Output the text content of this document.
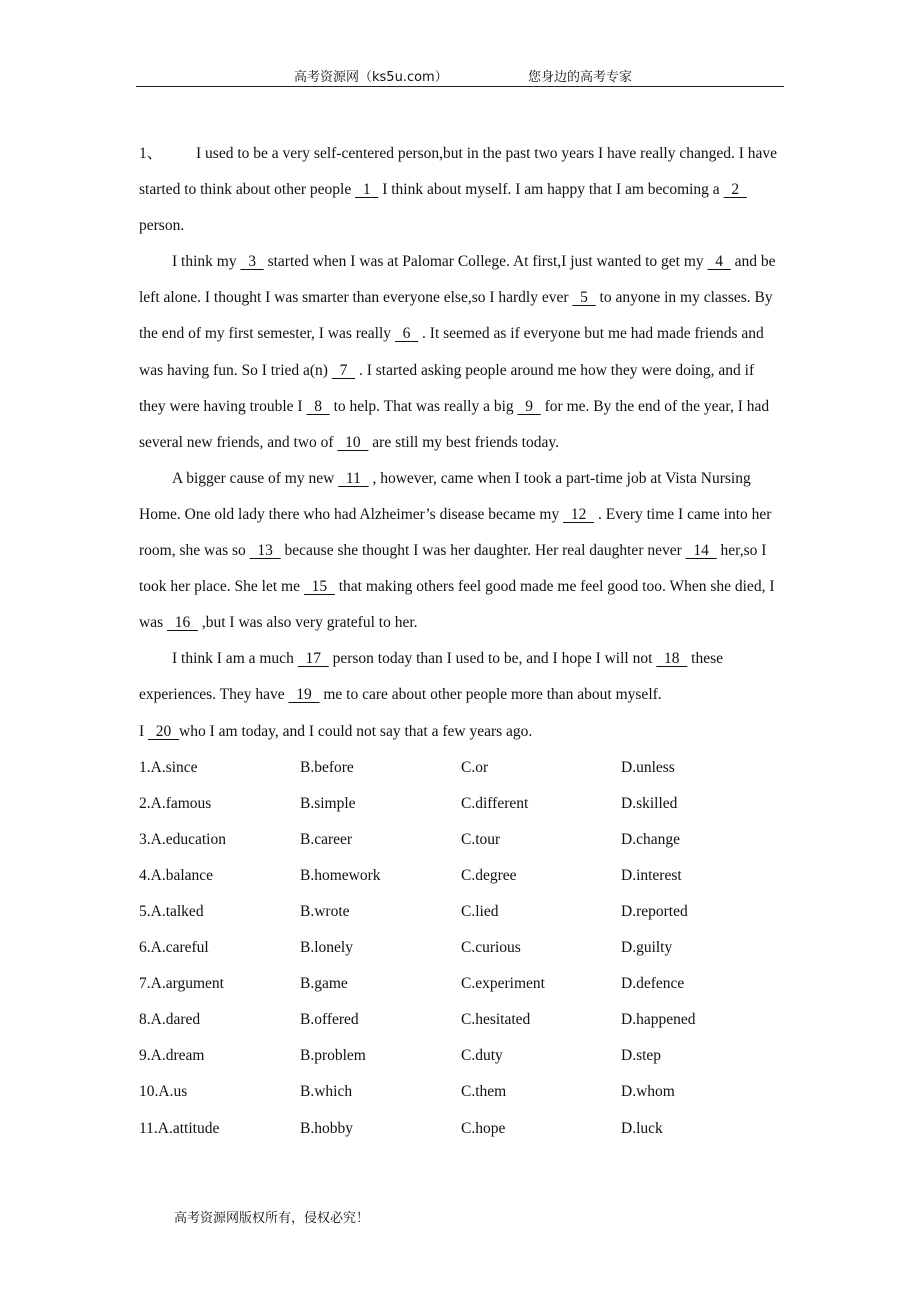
高考资源网（ks5u.com）	您身边的高考专家

1、 I used to be a very self-centered person,but in the past two years I have really changed. I have started to think about other people   1   I think about myself. I am happy that I am becoming a   2   person.

I think my   3   started when I was at Palomar College. At first,I just wanted to get my   4   and be left alone. I thought I was smarter than everyone else,so I hardly ever   5   to anyone in my classes. By the end of my first semester, I was really   6   . It seemed as if everyone but me had made friends and was having fun. So I tried a(n)   7   . I started asking people around me how they were doing, and if they were having trouble I   8   to help. That was really a big   9   for me. By the end of the year, I had several new friends, and two of   10   are still my best friends today.

A bigger cause of my new   11   , however, came when I took a part-time job at Vista Nursing Home. One old lady there who had Alzheimer’s disease became my   12   . Every time I came into her room, she was so   13   because she thought I was her daughter. Her real daughter never   14   her,so I took her place. She let me   15   that making others feel good made me feel good too. When she died, I was   16   ,but I was also very grateful to her.

I think I am a much   17   person today than I used to be, and I hope I will not   18   these experiences. They have   19   me to care about other people more than about myself.

I   20  who I am today, and I could not say that a few years ago.

1.A.since	B.before	C.or	D.unless
2.A.famous	B.simple	C.different	D.skilled
3.A.education	B.career	C.tour	D.change
4.A.balance	B.homework	C.degree	D.interest
5.A.talked	B.wrote	C.lied	D.reported
6.A.careful	B.lonely	C.curious	D.guilty
7.A.argument	B.game	C.experiment	D.defence
8.A.dared	B.offered	C.hesitated	D.happened
9.A.dream	B.problem	C.duty	D.step
10.A.us	B.which	C.them	D.whom
11.A.attitude	B.hobby	C.hope	D.luck
高考资源网版权所有，侵权必究！
